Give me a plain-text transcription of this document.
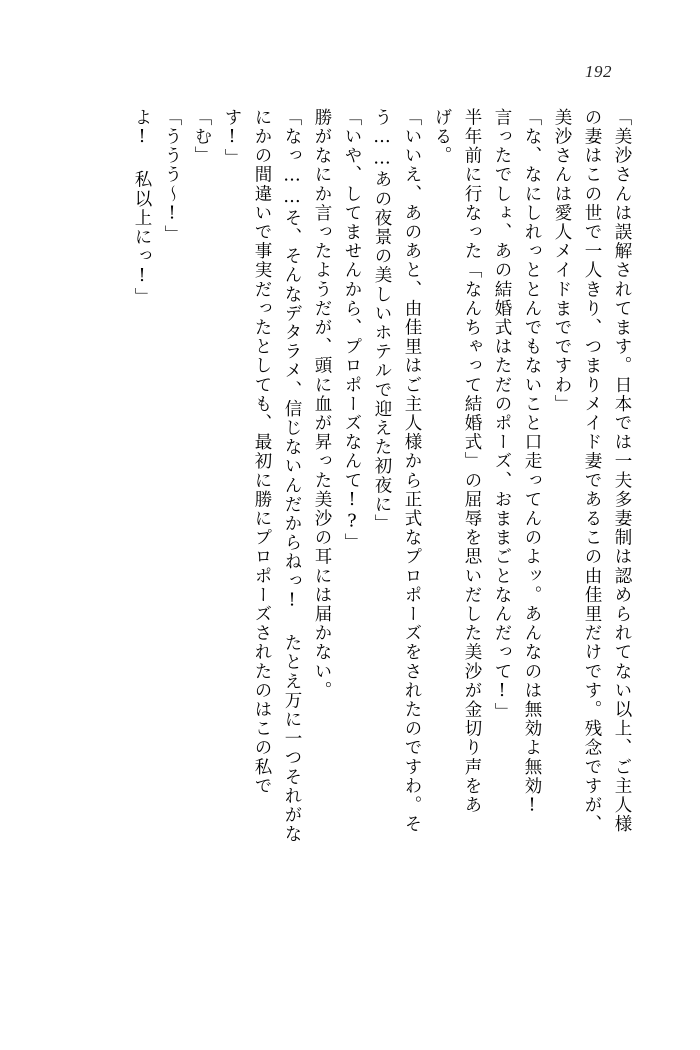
192
「美沙さんは誤解されてます。日本では一夫多妻制は認められてない以上、ご主人様
の妻はこの世で一人きり、つまりメイド妻であるこの由佳里だけです。残念ですが、
美沙さんは愛人メイドまでですわ」
「な、なにしれっととんでもないこと口走ってんのよッ。あんなのは無効よ無効!
言ったでしょ、あの結婚式はただのポーズ、おままごとなんだって!」
半年前に行なった「なんちゃって結婚式」の屈辱を思いだした美沙が金切り声をあ
げる。
「いいえ、あのあと、由佳里はご主人様から正式なプロポーズをされたのですわ。そ
う……あの夜景の美しいホテルで迎えた初夜に」
「いや、してませんから、プロポーズなんて!?」
勝がなにか言ったようだが、頭に血が昇った美沙の耳には届かない。
「なっ……そ、そんなデタラメ、信じないんだからねっ! たとえ万に一つそれがな
にかの間違いで事実だったとしても、最初に勝にプロポーズされたのはこの私で
す!」
「む」
「ううう～!」
よ! 私以上にっ!」
